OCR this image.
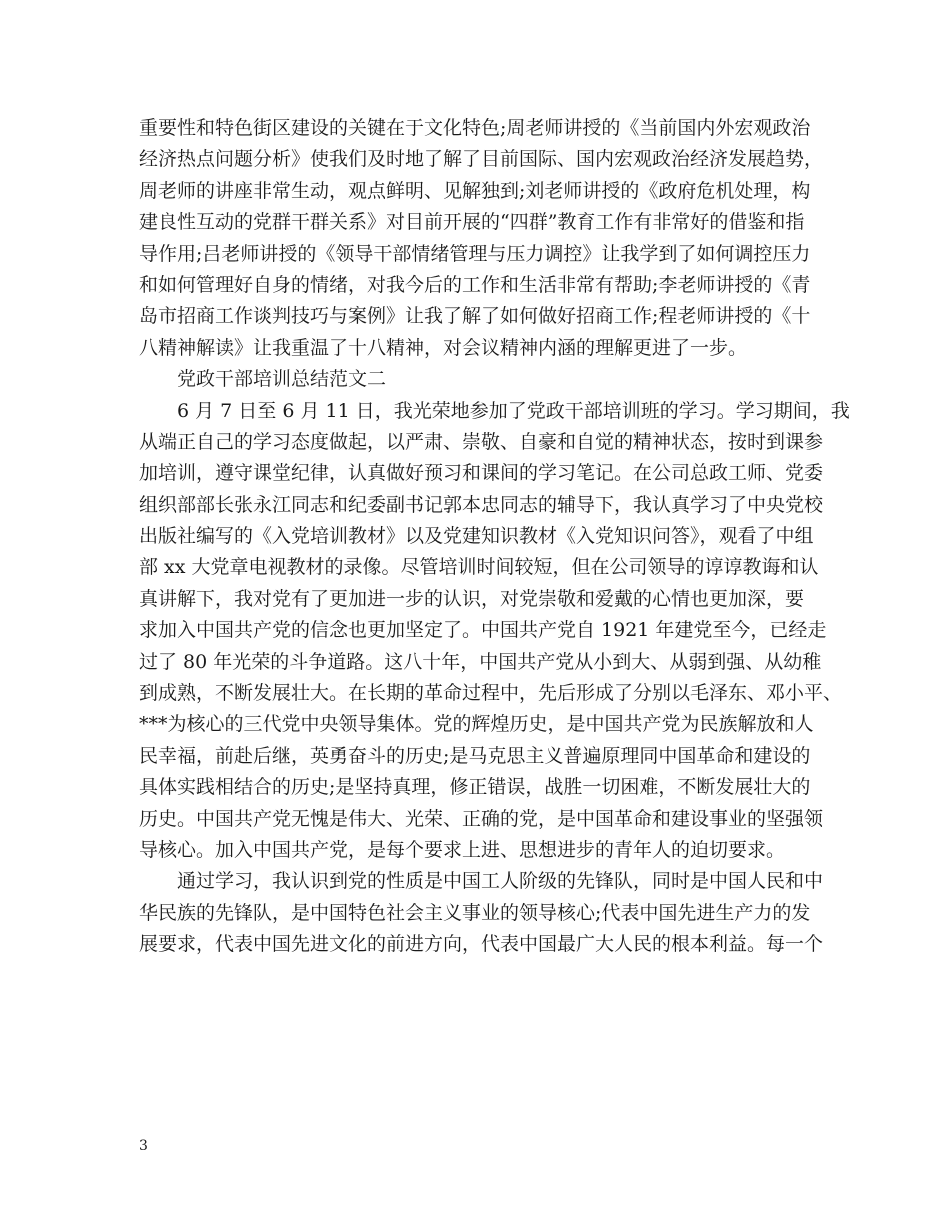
重要性和特色街区建设的关键在于文化特色;周老师讲授的《当前国内外宏观政治
经济热点问题分析》使我们及时地了解了目前国际、国内宏观政治经济发展趋势，
周老师的讲座非常生动，观点鲜明、见解独到;刘老师讲授的《政府危机处理，构
建良性互动的党群干群关系》对目前开展的“四群”教育工作有非常好的借鉴和指
导作用;吕老师讲授的《领导干部情绪管理与压力调控》让我学到了如何调控压力
和如何管理好自身的情绪，对我今后的工作和生活非常有帮助;李老师讲授的《青
岛市招商工作谈判技巧与案例》让我了解了如何做好招商工作;程老师讲授的《十
八精神解读》让我重温了十八精神，对会议精神内涵的理解更进了一步。

党政干部培训总结范文二

6 月 7 日至 6 月 11 日，我光荣地参加了党政干部培训班的学习。学习期间，我
从端正自己的学习态度做起，以严肃、崇敬、自豪和自觉的精神状态，按时到课参
加培训，遵守课堂纪律，认真做好预习和课间的学习笔记。在公司总政工师、党委
组织部部长张永江同志和纪委副书记郭本忠同志的辅导下，我认真学习了中央党校
出版社编写的《入党培训教材》以及党建知识教材《入党知识问答》，观看了中组
部 xx 大党章电视教材的录像。尽管培训时间较短，但在公司领导的谆谆教诲和认
真讲解下，我对党有了更加进一步的认识，对党崇敬和爱戴的心情也更加深，要
求加入中国共产党的信念也更加坚定了。中国共产党自 1921 年建党至今，已经走
过了 80 年光荣的斗争道路。这八十年，中国共产党从小到大、从弱到强、从幼稚
到成熟，不断发展壮大。在长期的革命过程中，先后形成了分别以毛泽东、邓小平、
***为核心的三代党中央领导集体。党的辉煌历史，是中国共产党为民族解放和人
民幸福，前赴后继，英勇奋斗的历史;是马克思主义普遍原理同中国革命和建设的
具体实践相结合的历史;是坚持真理，修正错误，战胜一切困难，不断发展壮大的
历史。中国共产党无愧是伟大、光荣、正确的党，是中国革命和建设事业的坚强领
导核心。加入中国共产党，是每个要求上进、思想进步的青年人的迫切要求。

通过学习，我认识到党的性质是中国工人阶级的先锋队，同时是中国人民和中
华民族的先锋队，是中国特色社会主义事业的领导核心;代表中国先进生产力的发
展要求，代表中国先进文化的前进方向，代表中国最广大人民的根本利益。每一个

3
